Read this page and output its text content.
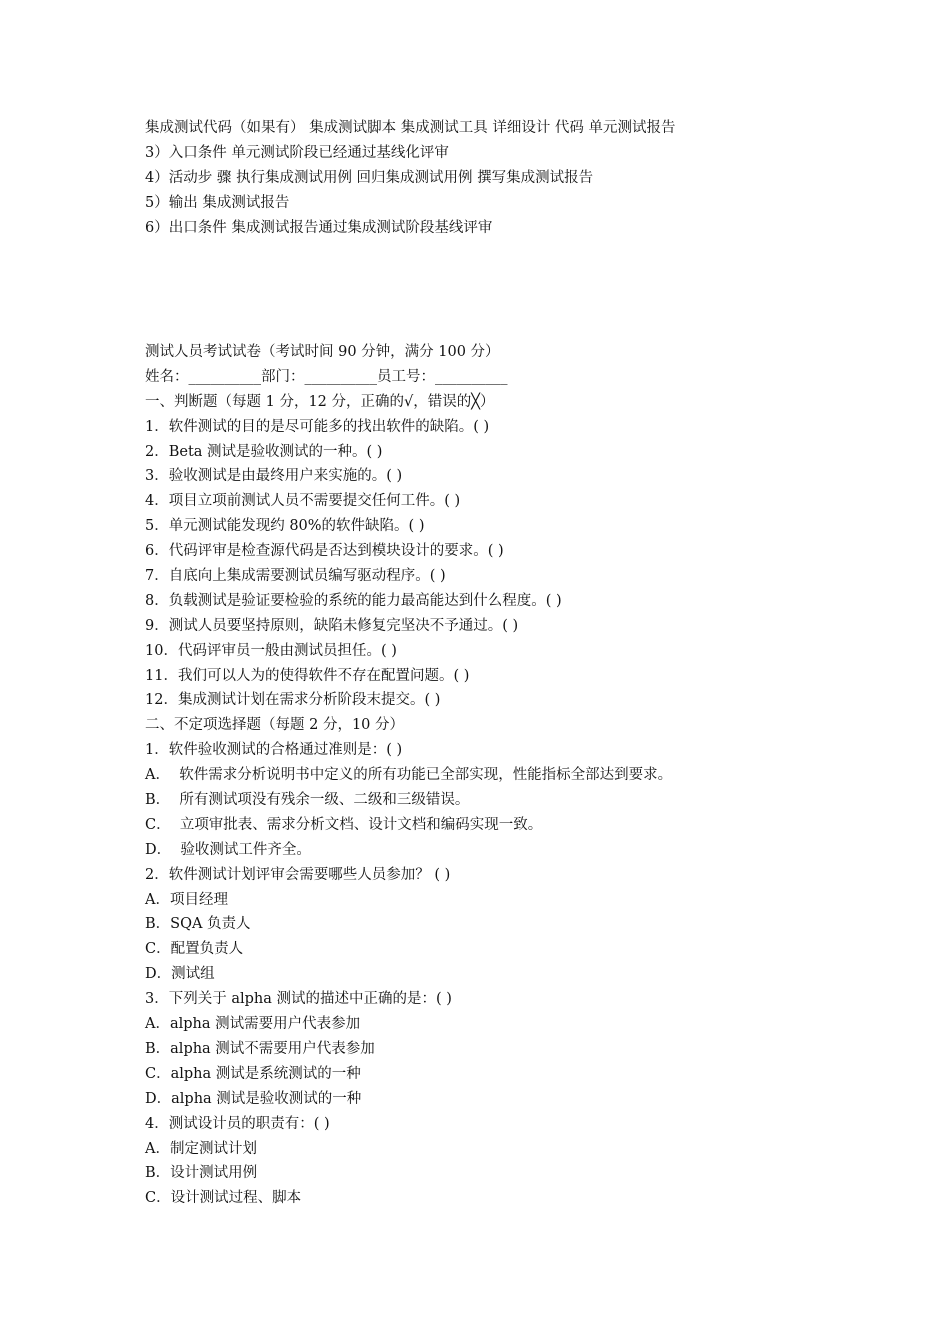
集成测试代码（如果有） 集成测试脚本 集成测试工具 详细设计 代码 单元测试报告
3）入口条件 单元测试阶段已经通过基线化评审
4）活动步 骤 执行集成测试用例 回归集成测试用例 撰写集成测试报告
5）输出 集成测试报告
6）出口条件 集成测试报告通过集成测试阶段基线评审
测试人员考试试卷（考试时间 90 分钟，满分 100 分）
姓名：__________部门：__________员工号：__________
一、判断题（每题 1 分，12 分，正确的√，错误的╳）
1．软件测试的目的是尽可能多的找出软件的缺陷。( )
2．Beta 测试是验收测试的一种。( )
3．验收测试是由最终用户来实施的。( )
4．项目立项前测试人员不需要提交任何工件。( )
5．单元测试能发现约 80%的软件缺陷。( )
6．代码评审是检查源代码是否达到模块设计的要求。( )
7．自底向上集成需要测试员编写驱动程序。( )
8．负载测试是验证要检验的系统的能力最高能达到什么程度。( )
9．测试人员要坚持原则，缺陷未修复完坚决不予通过。( )
10．代码评审员一般由测试员担任。( )
11．我们可以人为的使得软件不存在配置问题。( )
12．集成测试计划在需求分析阶段末提交。( )
二、不定项选择题（每题 2 分，10 分）
1．软件验收测试的合格通过准则是：( )
A．  软件需求分析说明书中定义的所有功能已全部实现，性能指标全部达到要求。
B．  所有测试项没有残余一级、二级和三级错误。
C．  立项审批表、需求分析文档、设计文档和编码实现一致。
D．  验收测试工件齐全。
2．软件测试计划评审会需要哪些人员参加？ ( )
A．项目经理
B．SQA 负责人
C．配置负责人
D．测试组
3．下列关于 alpha 测试的描述中正确的是：( )
A．alpha 测试需要用户代表参加
B．alpha 测试不需要用户代表参加
C．alpha 测试是系统测试的一种
D．alpha 测试是验收测试的一种
4．测试设计员的职责有：( )
A．制定测试计划
B．设计测试用例
C．设计测试过程、脚本
